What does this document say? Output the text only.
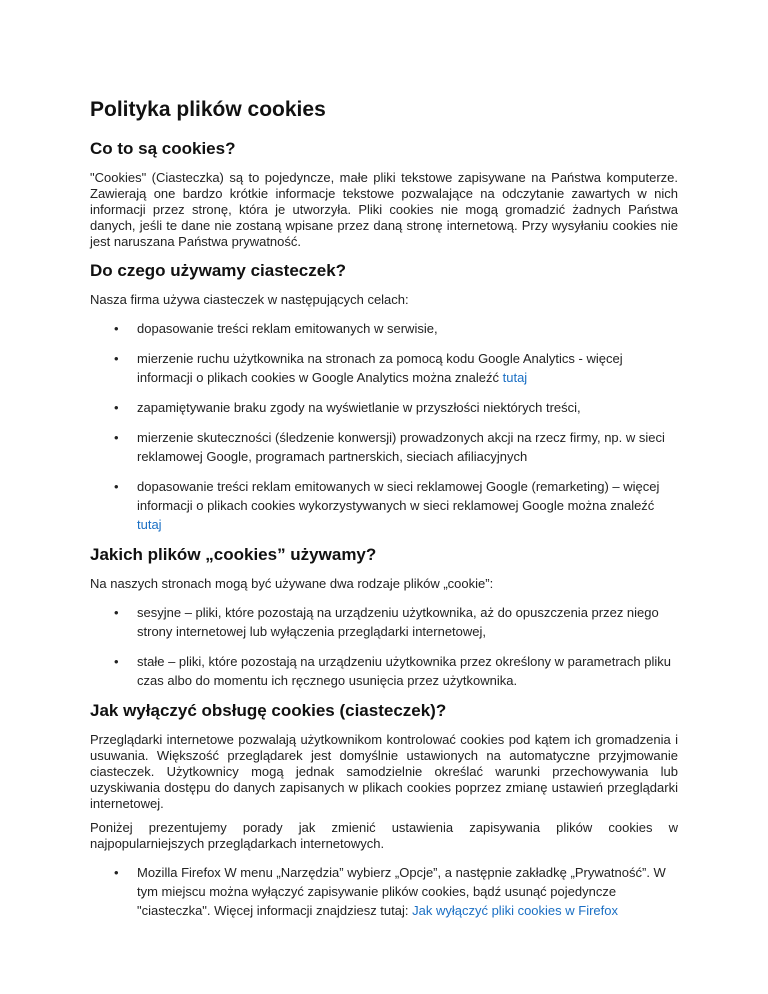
Polityka plików cookies
Co to są cookies?

"Cookies" (Ciasteczka) są to pojedyncze, małe pliki tekstowe zapisywane na Państwa komputerze. Zawierają one bardzo krótkie informacje tekstowe pozwalające na odczytanie zawartych w nich informacji przez stronę, która je utworzyła. Pliki cookies nie mogą gromadzić żadnych Państwa danych, jeśli te dane nie zostaną wpisane przez daną stronę internetową. Przy wysyłaniu cookies nie jest naruszana Państwa prywatność.

Do czego używamy ciasteczek?

Nasza firma używa ciasteczek w następujących celach:

• dopasowanie treści reklam emitowanych w serwisie,
• mierzenie ruchu użytkownika na stronach za pomocą kodu Google Analytics - więcej informacji o plikach cookies w Google Analytics można znaleźć tutaj
• zapamiętywanie braku zgody na wyświetlanie w przyszłości niektórych treści,
• mierzenie skuteczności (śledzenie konwersji) prowadzonych akcji na rzecz firmy, np. w sieci reklamowej Google, programach partnerskich, sieciach afiliacyjnych
• dopasowanie treści reklam emitowanych w sieci reklamowej Google (remarketing) – więcej informacji o plikach cookies wykorzystywanych w sieci reklamowej Google można znaleźć tutaj
Jakich plików „cookies” używamy?

Na naszych stronach mogą być używane dwa rodzaje plików „cookie”:

• sesyjne – pliki, które pozostają na urządzeniu użytkownika, aż do opuszczenia przez niego strony internetowej lub wyłączenia przeglądarki internetowej,
• stałe – pliki, które pozostają na urządzeniu użytkownika przez określony w parametrach pliku czas albo do momentu ich ręcznego usunięcia przez użytkownika.
Jak wyłączyć obsługę cookies (ciasteczek)?

Przeglądarki internetowe pozwalają użytkownikom kontrolować cookies pod kątem ich gromadzenia i usuwania. Większość przeglądarek jest domyślnie ustawionych na automatyczne przyjmowanie ciasteczek. Użytkownicy mogą jednak samodzielnie określać warunki przechowywania lub uzyskiwania dostępu do danych zapisanych w plikach cookies poprzez zmianę ustawień przeglądarki internetowej.

Poniżej prezentujemy porady jak zmienić ustawienia zapisywania plików cookies w najpopularniejszych przeglądarkach internetowych.

• Mozilla Firefox W menu „Narzędzia” wybierz „Opcje”, a następnie zakładkę „Prywatność”. W tym miejscu można wyłączyć zapisywanie plików cookies, bądź usunąć pojedyncze "ciasteczka". Więcej informacji znajdziesz tutaj: Jak wyłączyć pliki cookies w Firefox
